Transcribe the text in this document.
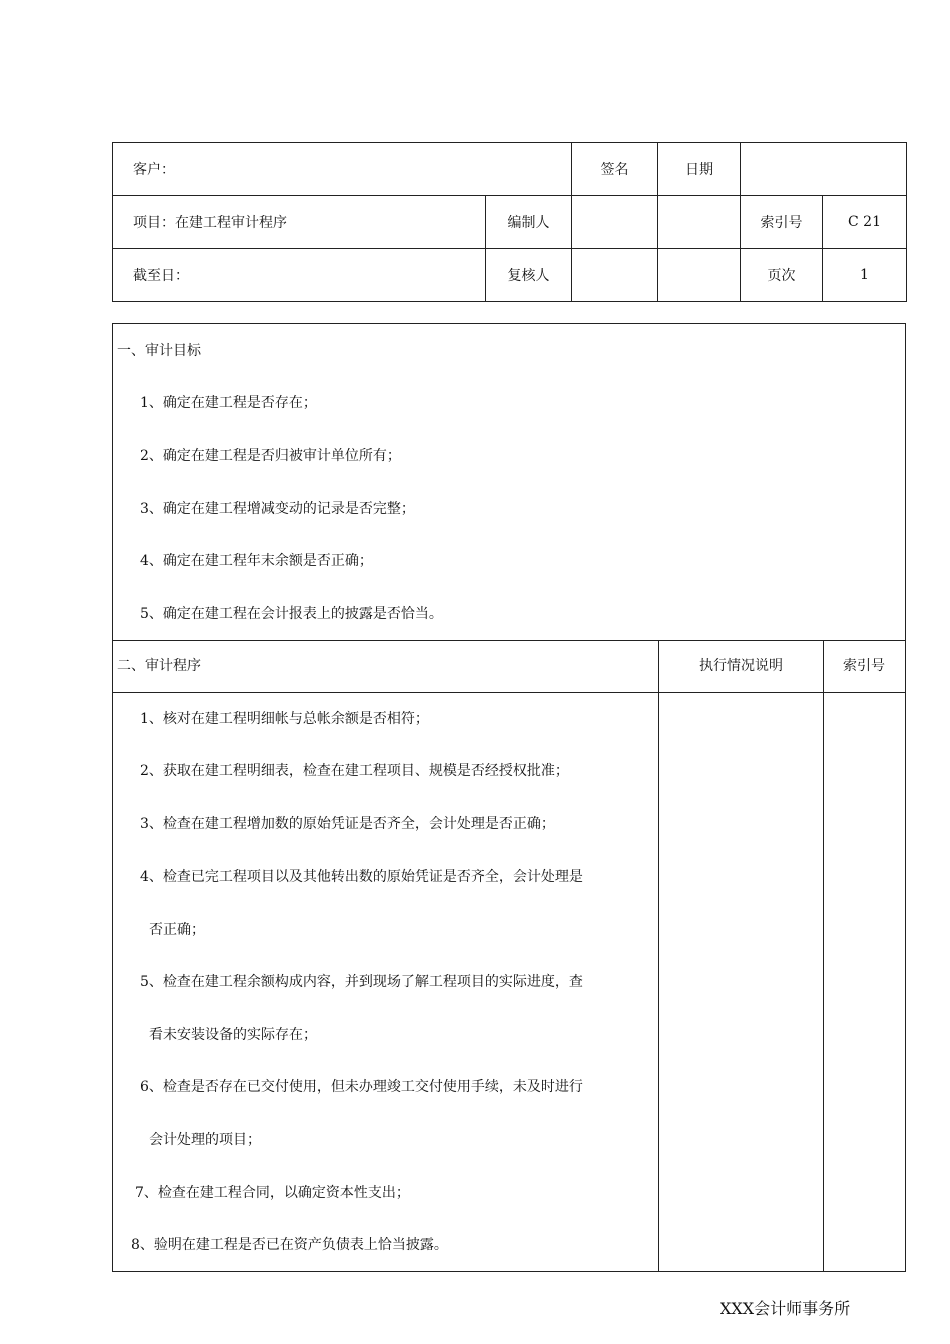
客户：		签名	日期		
项目：在建工程审计程序	编制人			索引号	C 21
截至日：	复核人			页次	1
一、审计目标
1、确定在建工程是否存在；
2、确定在建工程是否归被审计单位所有；
3、确定在建工程增减变动的记录是否完整；
4、确定在建工程年末余额是否正确；
5、确定在建工程在会计报表上的披露是否恰当。
二、审计程序	执行情况说明	索引号
1、核对在建工程明细帐与总帐余额是否相符；
2、获取在建工程明细表，检查在建工程项目、规模是否经授权批准；
3、检查在建工程增加数的原始凭证是否齐全，会计处理是否正确；
4、检查已完工程项目以及其他转出数的原始凭证是否齐全，会计处理是
否正确；
5、检查在建工程余额构成内容，并到现场了解工程项目的实际进度，查
看未安装设备的实际存在；
6、检查是否存在已交付使用，但未办理竣工交付使用手续，未及时进行
会计处理的项目；
7、检查在建工程合同，以确定资本性支出；
8、验明在建工程是否已在资产负债表上恰当披露。
XXX会计师事务所
